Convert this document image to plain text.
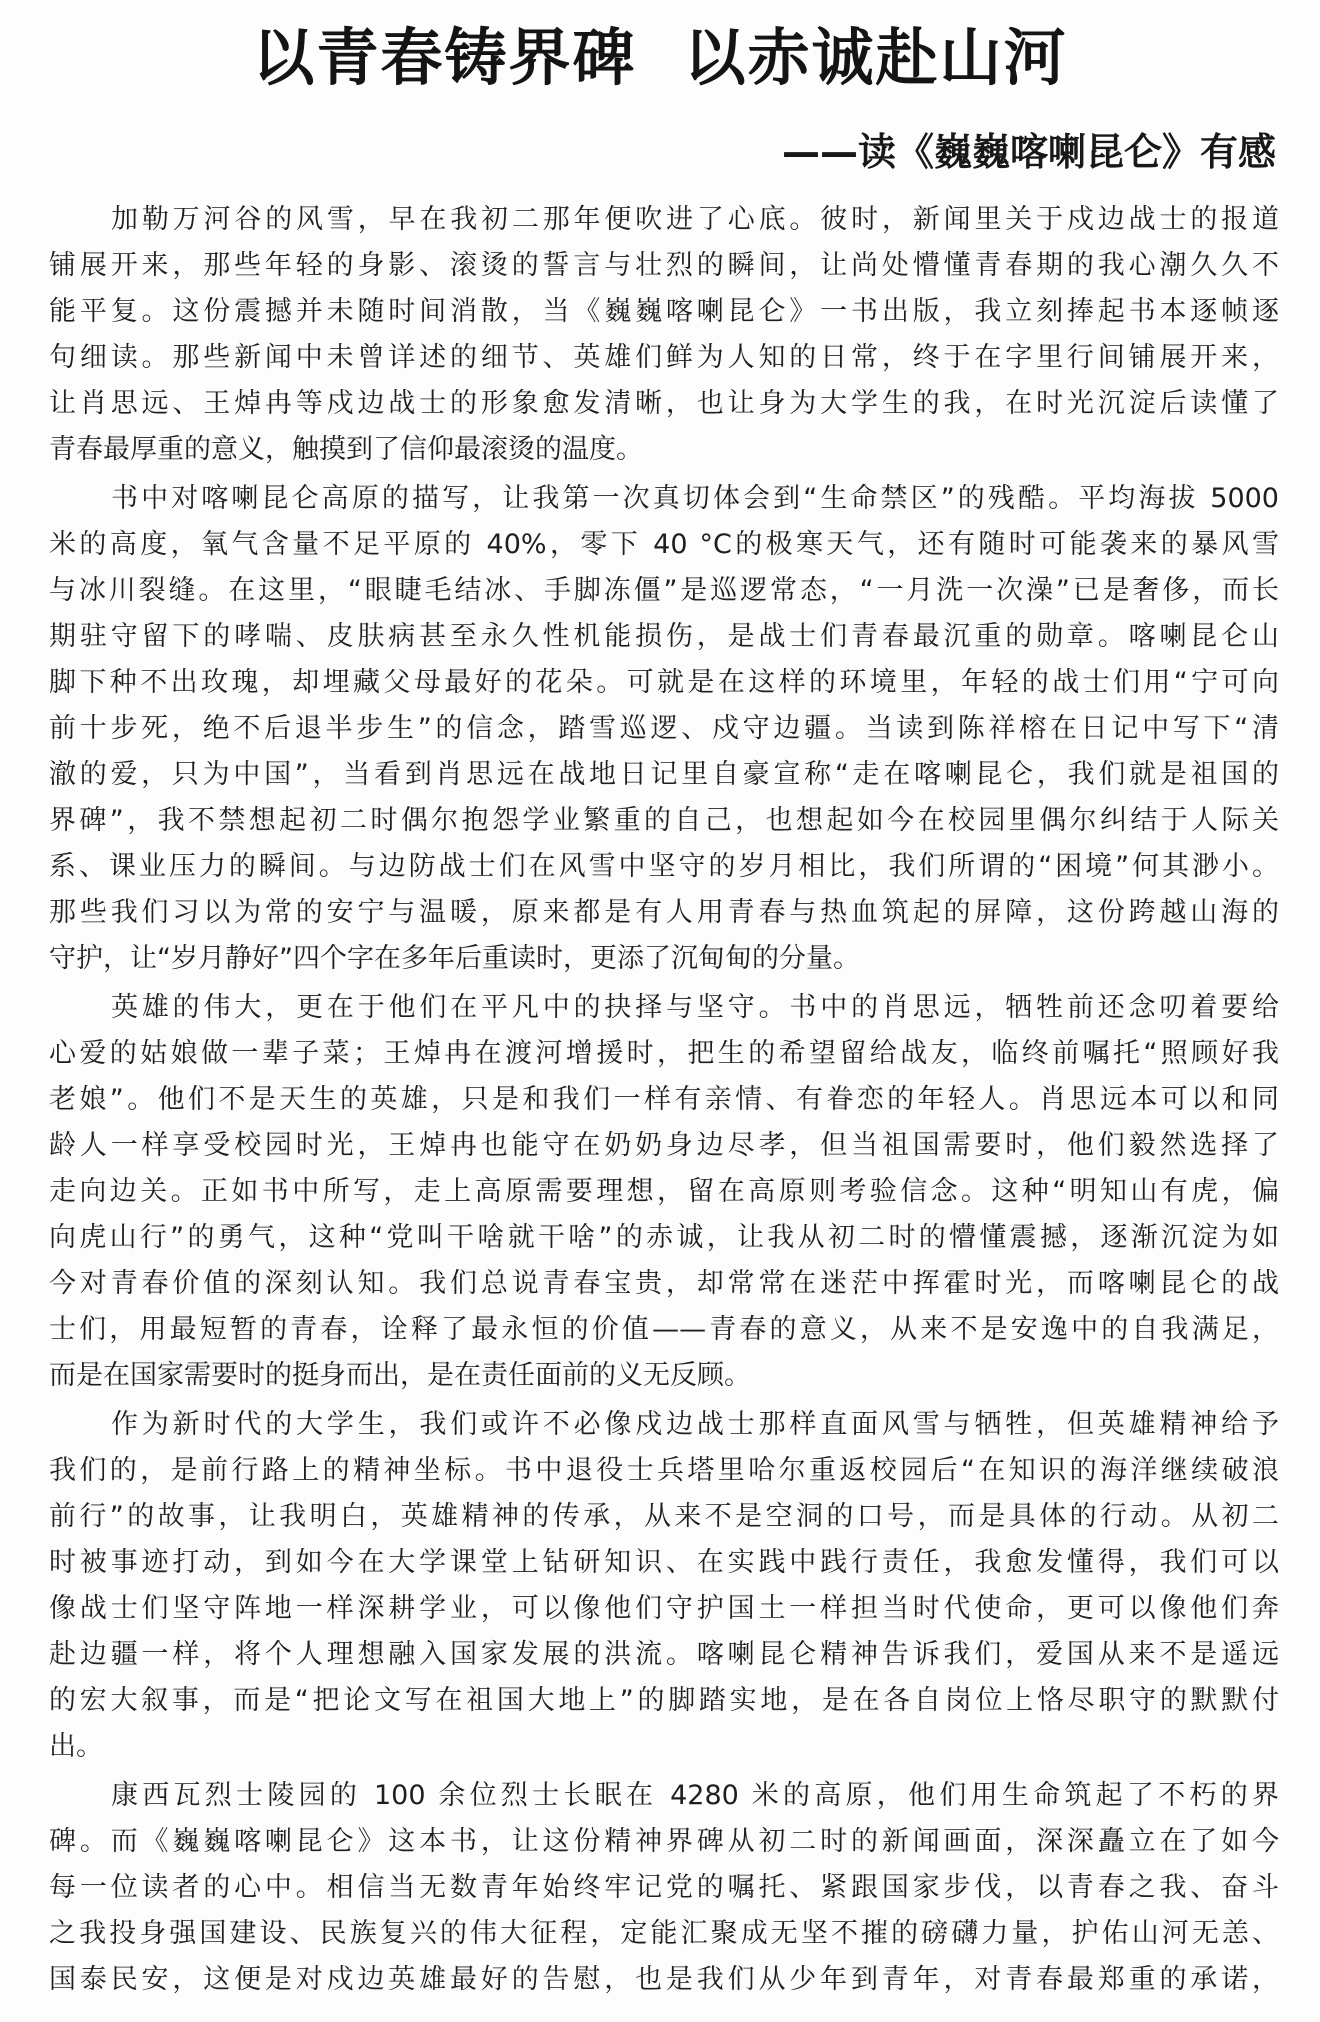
以青春铸界碑  以赤诚赴山河
——读《巍巍喀喇昆仑》有感
加勒万河谷的风雪，早在我初二那年便吹进了心底。彼时，新闻里关于戍边战士的报道
铺展开来，那些年轻的身影、滚烫的誓言与壮烈的瞬间，让尚处懵懂青春期的我心潮久久不
能平复。这份震撼并未随时间消散，当《巍巍喀喇昆仑》一书出版，我立刻捧起书本逐帧逐
句细读。那些新闻中未曾详述的细节、英雄们鲜为人知的日常，终于在字里行间铺展开来，
让肖思远、王焯冉等戍边战士的形象愈发清晰，也让身为大学生的我，在时光沉淀后读懂了
青春最厚重的意义，触摸到了信仰最滚烫的温度。
书中对喀喇昆仑高原的描写，让我第一次真切体会到“生命禁区”的残酷。平均海拔 5000
米的高度，氧气含量不足平原的 40%，零下 40 °C的极寒天气，还有随时可能袭来的暴风雪
与冰川裂缝。在这里，“眼睫毛结冰、手脚冻僵”是巡逻常态，“一月洗一次澡”已是奢侈，而长
期驻守留下的哮喘、皮肤病甚至永久性机能损伤，是战士们青春最沉重的勋章。喀喇昆仑山
脚下种不出玫瑰，却埋藏父母最好的花朵。可就是在这样的环境里，年轻的战士们用“宁可向
前十步死，绝不后退半步生”的信念，踏雪巡逻、戍守边疆。当读到陈祥榕在日记中写下“清
澈的爱，只为中国”，当看到肖思远在战地日记里自豪宣称“走在喀喇昆仑，我们就是祖国的
界碑”，我不禁想起初二时偶尔抱怨学业繁重的自己，也想起如今在校园里偶尔纠结于人际关
系、课业压力的瞬间。与边防战士们在风雪中坚守的岁月相比，我们所谓的“困境”何其渺小。
那些我们习以为常的安宁与温暖，原来都是有人用青春与热血筑起的屏障，这份跨越山海的
守护，让“岁月静好”四个字在多年后重读时，更添了沉甸甸的分量。
英雄的伟大，更在于他们在平凡中的抉择与坚守。书中的肖思远，牺牲前还念叨着要给
心爱的姑娘做一辈子菜；王焯冉在渡河增援时，把生的希望留给战友，临终前嘱托“照顾好我
老娘”。他们不是天生的英雄，只是和我们一样有亲情、有眷恋的年轻人。肖思远本可以和同
龄人一样享受校园时光，王焯冉也能守在奶奶身边尽孝，但当祖国需要时，他们毅然选择了
走向边关。正如书中所写，走上高原需要理想，留在高原则考验信念。这种“明知山有虎，偏
向虎山行”的勇气，这种“党叫干啥就干啥”的赤诚，让我从初二时的懵懂震撼，逐渐沉淀为如
今对青春价值的深刻认知。我们总说青春宝贵，却常常在迷茫中挥霍时光，而喀喇昆仑的战
士们，用最短暂的青春，诠释了最永恒的价值——青春的意义，从来不是安逸中的自我满足，
而是在国家需要时的挺身而出，是在责任面前的义无反顾。
作为新时代的大学生，我们或许不必像戍边战士那样直面风雪与牺牲，但英雄精神给予
我们的，是前行路上的精神坐标。书中退役士兵塔里哈尔重返校园后“在知识的海洋继续破浪
前行”的故事，让我明白，英雄精神的传承，从来不是空洞的口号，而是具体的行动。从初二
时被事迹打动，到如今在大学课堂上钻研知识、在实践中践行责任，我愈发懂得，我们可以
像战士们坚守阵地一样深耕学业，可以像他们守护国土一样担当时代使命，更可以像他们奔
赴边疆一样，将个人理想融入国家发展的洪流。喀喇昆仑精神告诉我们，爱国从来不是遥远
的宏大叙事，而是“把论文写在祖国大地上”的脚踏实地，是在各自岗位上恪尽职守的默默付
出。
康西瓦烈士陵园的 100 余位烈士长眠在 4280 米的高原，他们用生命筑起了不朽的界
碑。而《巍巍喀喇昆仑》这本书，让这份精神界碑从初二时的新闻画面，深深矗立在了如今
每一位读者的心中。相信当无数青年始终牢记党的嘱托、紧跟国家步伐，以青春之我、奋斗
之我投身强国建设、民族复兴的伟大征程，定能汇聚成无坚不摧的磅礴力量，护佑山河无恙、
国泰民安，这便是对戍边英雄最好的告慰，也是我们从少年到青年，对青春最郑重的承诺，
